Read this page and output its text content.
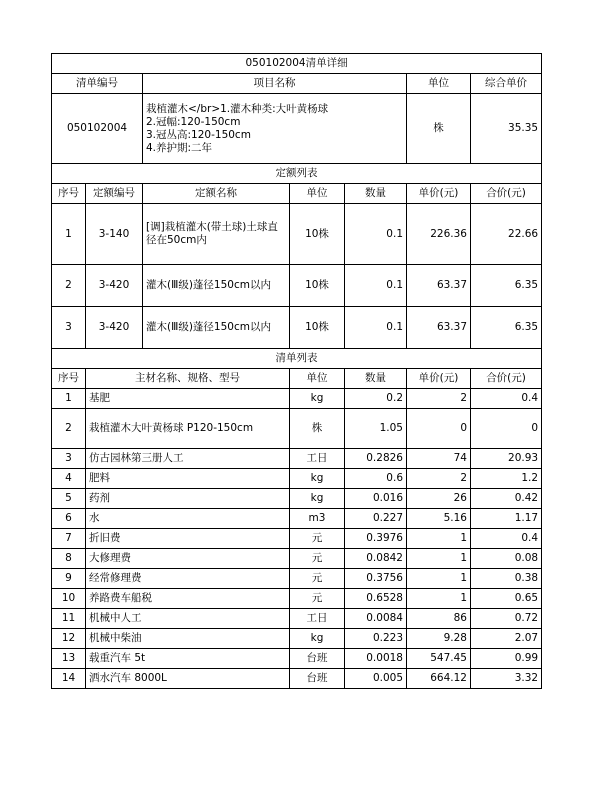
050102004清单详细						
清单编号		项目名称			单位	综合单价
050102004		栽植灌木</br>1.灌木种类:大叶黄杨球
2.冠幅:120-150cm
3.冠丛高:120-150cm
4.养护期:二年			株	35.35
定额列表						
序号	定额编号	定额名称	单位	数量	单价(元)	合价(元)
1	3-140	[调]栽植灌木(带土球)土球直径在50cm内	10株	0.1	226.36	22.66
2	3-420	灌木(Ⅲ级)蓬径150cm以内	10株	0.1	63.37	6.35
3	3-420	灌木(Ⅲ级)蓬径150cm以内	10株	0.1	63.37	6.35
清单列表						
序号	主材名称、规格、型号		单位	数量	单价(元)	合价(元)
1	基肥		kg	0.2	2	0.4
2	栽植灌木大叶黄杨球 P120-150cm		株	1.05	0	0
3	仿古园林第三册人工		工日	0.2826	74	20.93
4	肥料		kg	0.6	2	1.2
5	药剂		kg	0.016	26	0.42
6	水		m3	0.227	5.16	1.17
7	折旧费		元	0.3976	1	0.4
8	大修理费		元	0.0842	1	0.08
9	经常修理费		元	0.3756	1	0.38
10	养路费车船税		元	0.6528	1	0.65
11	机械中人工		工日	0.0084	86	0.72
12	机械中柴油		kg	0.223	9.28	2.07
13	载重汽车 5t		台班	0.0018	547.45	0.99
14	洒水汽车 8000L		台班	0.005	664.12	3.32
